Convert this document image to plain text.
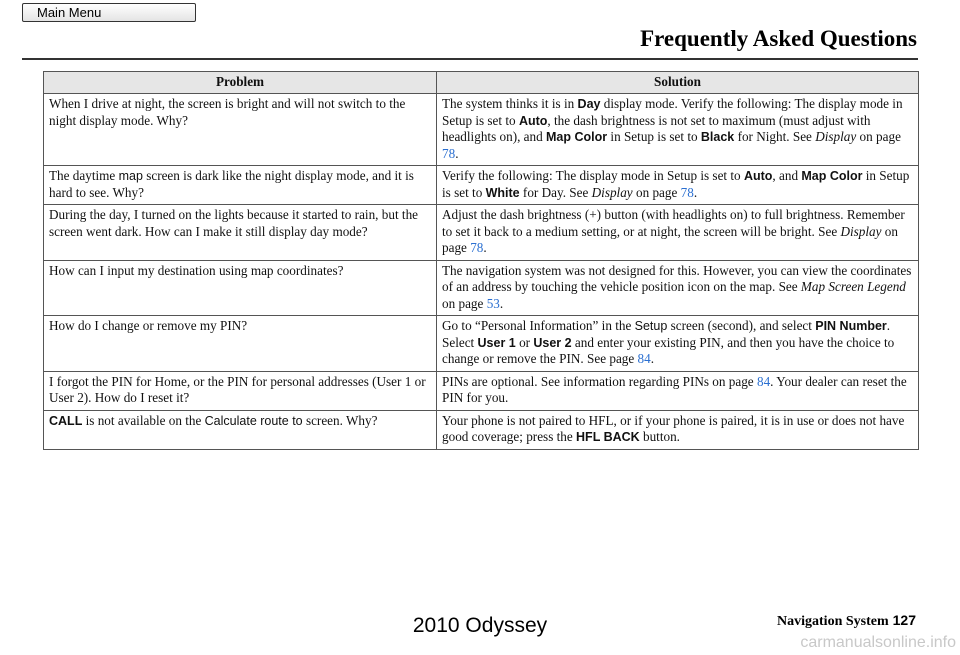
Main Menu
Frequently Asked Questions
Problem	Solution
When I drive at night, the screen is bright and will not switch to the night display mode. Why?	The system thinks it is in Day display mode. Verify the following: The display mode in Setup is set to Auto, the dash brightness is not set to maximum (must adjust with headlights on), and Map Color in Setup is set to Black for Night. See Display on page 78.
The daytime map screen is dark like the night display mode, and it is hard to see. Why?	Verify the following: The display mode in Setup is set to Auto, and Map Color in Setup is set to White for Day. See Display on page 78.
During the day, I turned on the lights because it started to rain, but the screen went dark. How can I make it still display day mode?	Adjust the dash brightness (+) button (with headlights on) to full brightness. Remember to set it back to a medium setting, or at night, the screen will be bright. See Display on page 78.
How can I input my destination using map coordinates?	The navigation system was not designed for this. However, you can view the coordinates of an address by touching the vehicle position icon on the map. See Map Screen Legend on page 53.
How do I change or remove my PIN?	Go to “Personal Information” in the Setup screen (second), and select PIN Number. Select User 1 or User 2 and enter your existing PIN, and then you have the choice to change or remove the PIN. See page 84.
I forgot the PIN for Home, or the PIN for personal addresses (User 1 or User 2). How do I reset it?	PINs are optional. See information regarding PINs on page 84. Your dealer can reset the PIN for you.
CALL is not available on the Calculate route to screen. Why?	Your phone is not paired to HFL, or if your phone is paired, it is in use or does not have good coverage; press the HFL BACK button.
Navigation System 127
2010 Odyssey
carmanualsonline.info
